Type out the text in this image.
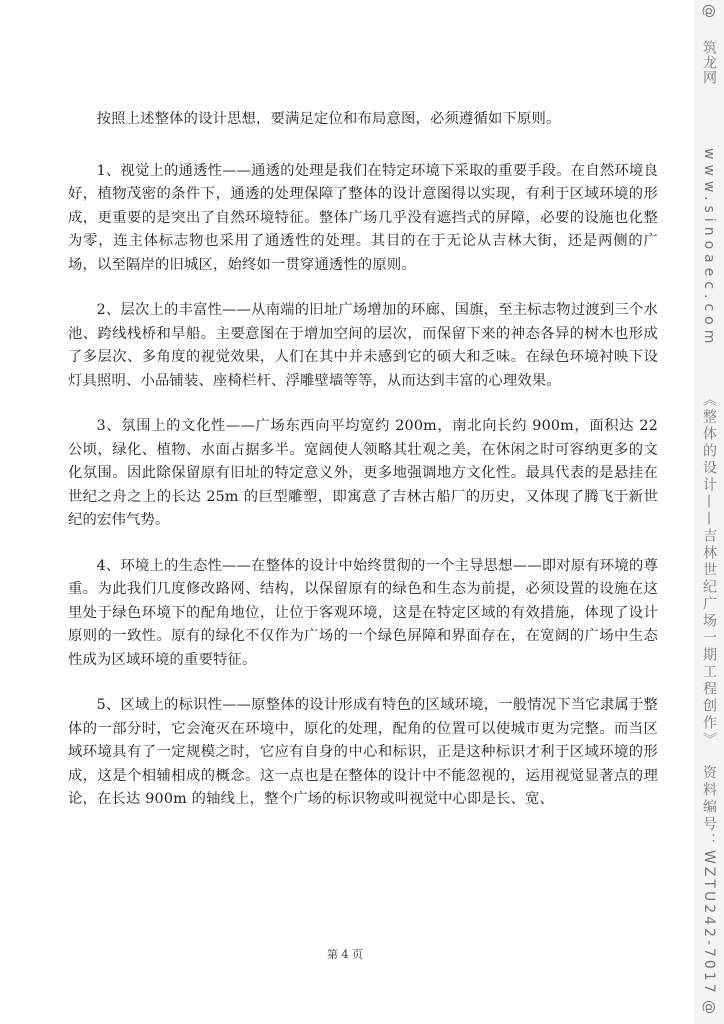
按照上述整体的设计思想，要满足定位和布局意图，必须遵循如下原则。

1、视觉上的通透性——通透的处理是我们在特定环境下采取的重要手段。在自然环境良好，植物茂密的条件下，通透的处理保障了整体的设计意图得以实现，有利于区域环境的形成，更重要的是突出了自然环境特征。整体广场几乎没有遮挡式的屏障，必要的设施也化整为零，连主体标志物也采用了通透性的处理。其目的在于无论从吉林大街，还是两侧的广场，以至隔岸的旧城区，始终如一贯穿通透性的原则。

2、层次上的丰富性——从南端的旧址广场增加的环廊、国旗，至主标志物过渡到三个水池、跨线栈桥和旱船。主要意图在于增加空间的层次，而保留下来的神态各异的树木也形成了多层次、多角度的视觉效果，人们在其中并未感到它的硕大和乏味。在绿色环境衬映下设灯具照明、小品铺装、座椅栏杆、浮雕壁墙等等，从而达到丰富的心理效果。

3、氛围上的文化性——广场东西向平均宽约 200m，南北向长约 900m，面积达 22 公顷，绿化、植物、水面占据多半。宽阔使人领略其壮观之美，在休闲之时可容纳更多的文化氛围。因此除保留原有旧址的特定意义外，更多地强调地方文化性。最具代表的是悬挂在世纪之舟之上的长达 25m 的巨型雕塑，即寓意了吉林古船厂的历史，又体现了腾飞于新世纪的宏伟气势。

4、环境上的生态性——在整体的设计中始终贯彻的一个主导思想——即对原有环境的尊重。为此我们几度修改路网、结构，以保留原有的绿色和生态为前提，必须设置的设施在这里处于绿色环境下的配角地位，让位于客观环境，这是在特定区域的有效措施，体现了设计原则的一致性。原有的绿化不仅作为广场的一个绿色屏障和界面存在，在宽阔的广场中生态性成为区域环境的重要特征。

5、区域上的标识性——原整体的设计形成有特色的区域环境，一般情况下当它隶属于整体的一部分时，它会淹灭在环境中，原化的处理，配角的位置可以使城市更为完整。而当区域环境具有了一定规模之时，它应有自身的中心和标识，正是这种标识才利于区域环境的形成，这是个相辅相成的概念。这一点也是在整体的设计中不能忽视的，运用视觉显著点的理论，在长达 900m 的轴线上，整个广场的标识物或叫视觉中心即是长、宽、

第 4 页
@
筑龙网
www.sinoaec.com
《整体的设计——吉林世纪广场一期工程创作》
资料编号：WZTU242-7017
@
